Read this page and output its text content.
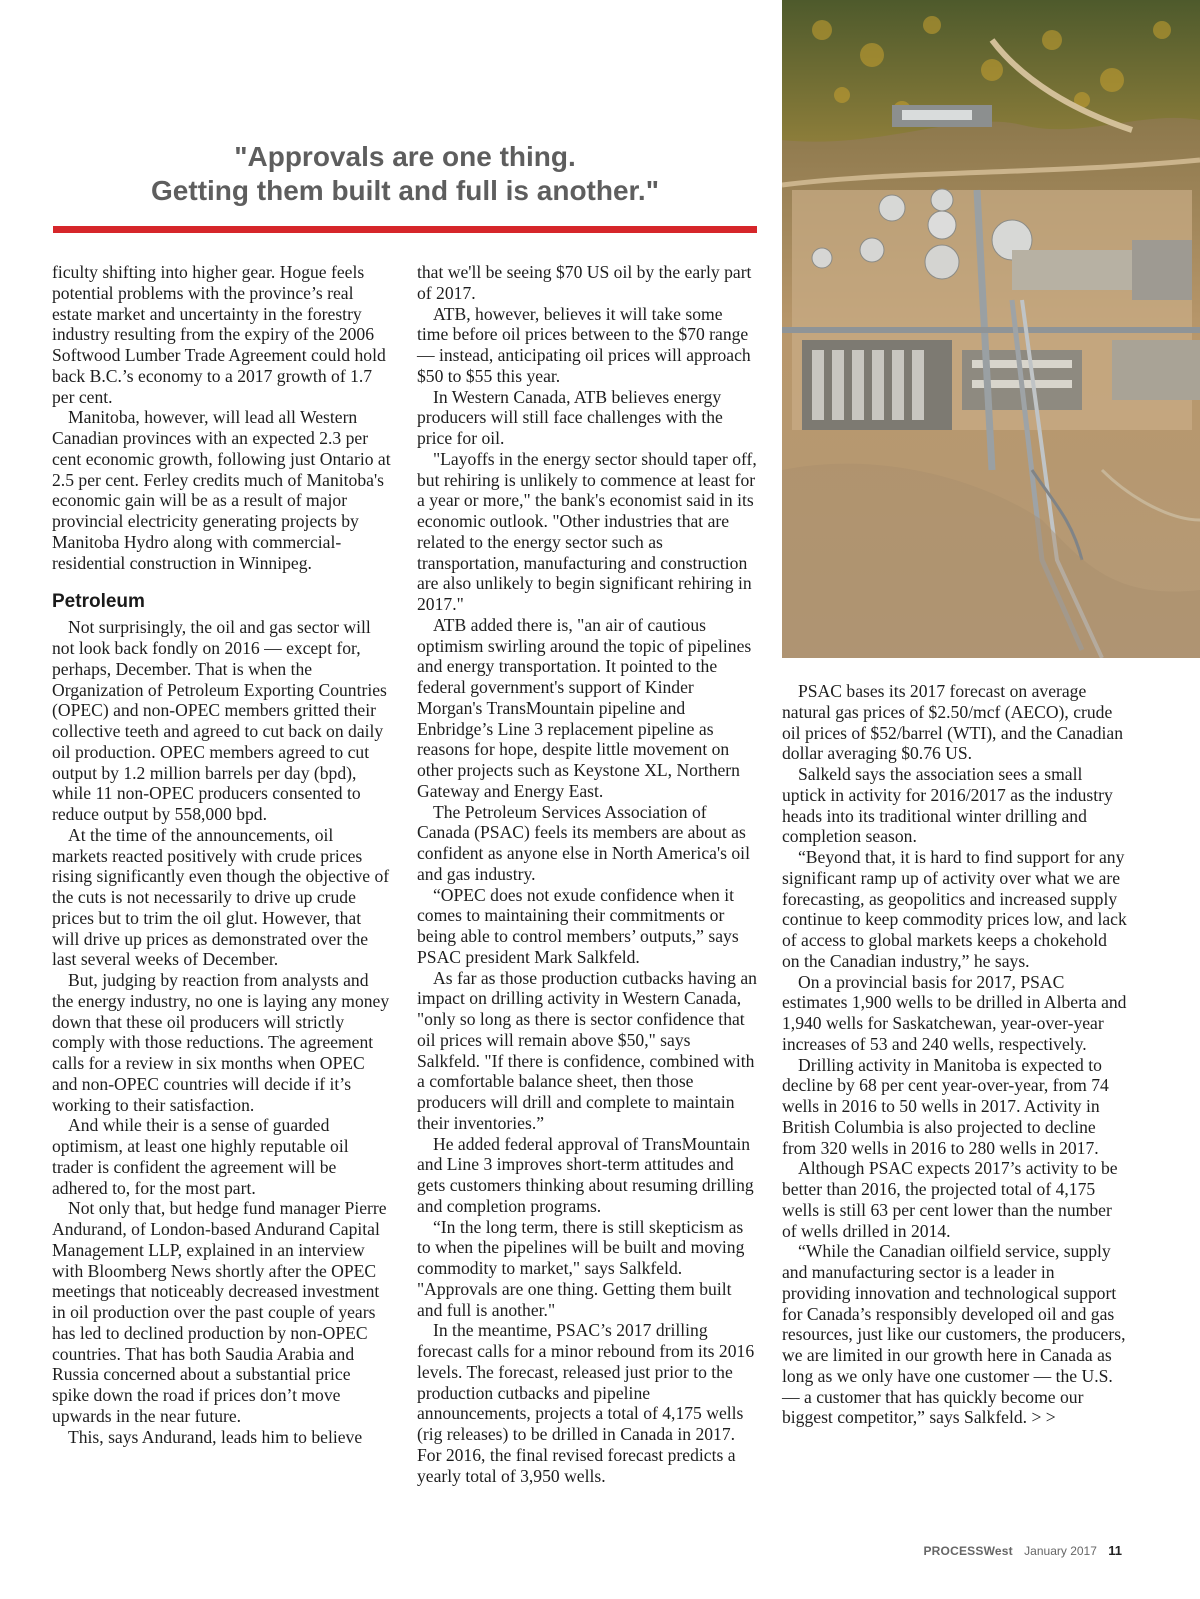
"Approvals are one thing.
Getting them built and full is another."

ficulty shifting into higher gear. Hogue feels potential problems with the province’s real estate market and uncertainty in the forestry industry resulting from the expiry of the 2006 Softwood Lumber Trade Agreement could hold back B.C.’s economy to a 2017 growth of 1.7 per cent.

Manitoba, however, will lead all Western Canadian provinces with an expected 2.3 per cent economic growth, following just Ontario at 2.5 per cent. Ferley credits much of Manitoba's economic gain will be as a result of major provincial electricity generating projects by Manitoba Hydro along with commercial-residential construction in Winnipeg.

Petroleum

Not surprisingly, the oil and gas sector will not look back fondly on 2016 — except for, perhaps, December. That is when the Organization of Petroleum Exporting Countries (OPEC) and non-OPEC members gritted their collective teeth and agreed to cut back on daily oil production. OPEC members agreed to cut output by 1.2 million barrels per day (bpd), while 11 non-OPEC producers consented to reduce output by 558,000 bpd.

At the time of the announcements, oil markets reacted positively with crude prices rising significantly even though the objective of the cuts is not necessarily to drive up crude prices but to trim the oil glut. However, that will drive up prices as demonstrated over the last several weeks of December.

But, judging by reaction from analysts and the energy industry, no one is laying any money down that these oil producers will strictly comply with those reductions. The agreement calls for a review in six months when OPEC and non-OPEC countries will decide if it’s working to their satisfaction.

And while their is a sense of guarded optimism, at least one highly reputable oil trader is confident the agreement will be adhered to, for the most part.

Not only that, but hedge fund manager Pierre Andurand, of London-based Andurand Capital Management LLP, explained in an interview with Bloomberg News shortly after the OPEC meetings that noticeably decreased investment in oil production over the past couple of years has led to declined production by non-OPEC countries. That has both Saudia Arabia and Russia concerned about a substantial price spike down the road if prices don’t move upwards in the near future.

This, says Andurand, leads him to believe

that we'll be seeing $70 US oil by the early part of 2017.

ATB, however, believes it will take some time before oil prices between to the $70 range — instead, anticipating oil prices will approach $50 to $55 this year.

In Western Canada, ATB believes energy producers will still face challenges with the price for oil.

"Layoffs in the energy sector should taper off, but rehiring is unlikely to commence at least for a year or more," the bank's economist said in its economic outlook. "Other industries that are related to the energy sector such as transportation, manufacturing and construction are also unlikely to begin significant rehiring in 2017."

ATB added there is, "an air of cautious optimism swirling around the topic of pipelines and energy transportation. It pointed to the federal government's support of Kinder Morgan's TransMountain pipeline and Enbridge’s Line 3 replacement pipeline as reasons for hope, despite little movement on other projects such as Keystone XL, Northern Gateway and Energy East.

The Petroleum Services Association of Canada (PSAC) feels its members are about as confident as anyone else in North America's oil and gas industry.

“OPEC does not exude confidence when it comes to maintaining their commitments or being able to control members’ outputs,” says PSAC president Mark Salkfeld.

As far as those production cutbacks having an impact on drilling activity in Western Canada, "only so long as there is sector confidence that oil prices will remain above $50," says Salkfeld. "If there is confidence, combined with a comfortable balance sheet, then those producers will drill and complete to maintain their inventories.”

He added federal approval of TransMountain and Line 3 improves short-term attitudes and gets customers thinking about resuming drilling and completion programs.

“In the long term, there is still skepticism as to when the pipelines will be built and moving commodity to market," says Salkfeld. "Approvals are one thing. Getting them built and full is another."

In the meantime, PSAC’s 2017 drilling forecast calls for a minor rebound from its 2016 levels. The forecast, released just prior to the production cutbacks and pipeline announcements, projects a total of 4,175 wells (rig releases) to be drilled in Canada in 2017. For 2016, the final revised forecast predicts a yearly total of 3,950 wells.

PSAC bases its 2017 forecast on average natural gas prices of $2.50/mcf (AECO), crude oil prices of $52/barrel (WTI), and the Canadian dollar averaging $0.76 US.

Salkeld says the association sees a small uptick in activity for 2016/2017 as the industry heads into its traditional winter drilling and completion season.

“Beyond that, it is hard to find support for any significant ramp up of activity over what we are forecasting, as geopolitics and increased supply continue to keep commodity prices low, and lack of access to global markets keeps a chokehold on the Canadian industry,” he says.

On a provincial basis for 2017, PSAC estimates 1,900 wells to be drilled in Alberta and 1,940 wells for Saskatchewan, year-over-year increases of 53 and 240 wells, respectively.

Drilling activity in Manitoba is expected to decline by 68 per cent year-over-year, from 74 wells in 2016 to 50 wells in 2017. Activity in British Columbia is also projected to decline from 320 wells in 2016 to 280 wells in 2017.

Although PSAC expects 2017’s activity to be better than 2016, the projected total of 4,175 wells is still 63 per cent lower than the number of wells drilled in 2014.

“While the Canadian oilfield service, supply and manufacturing sector is a leader in providing innovation and technological support for Canada’s responsibly developed oil and gas resources, just like our customers, the producers, we are limited in our growth here in Canada as long as we only have one customer — the U.S. — a customer that has quickly become our biggest competitor,” says Salkfeld. > >

PROCESSWest January 2017 11
